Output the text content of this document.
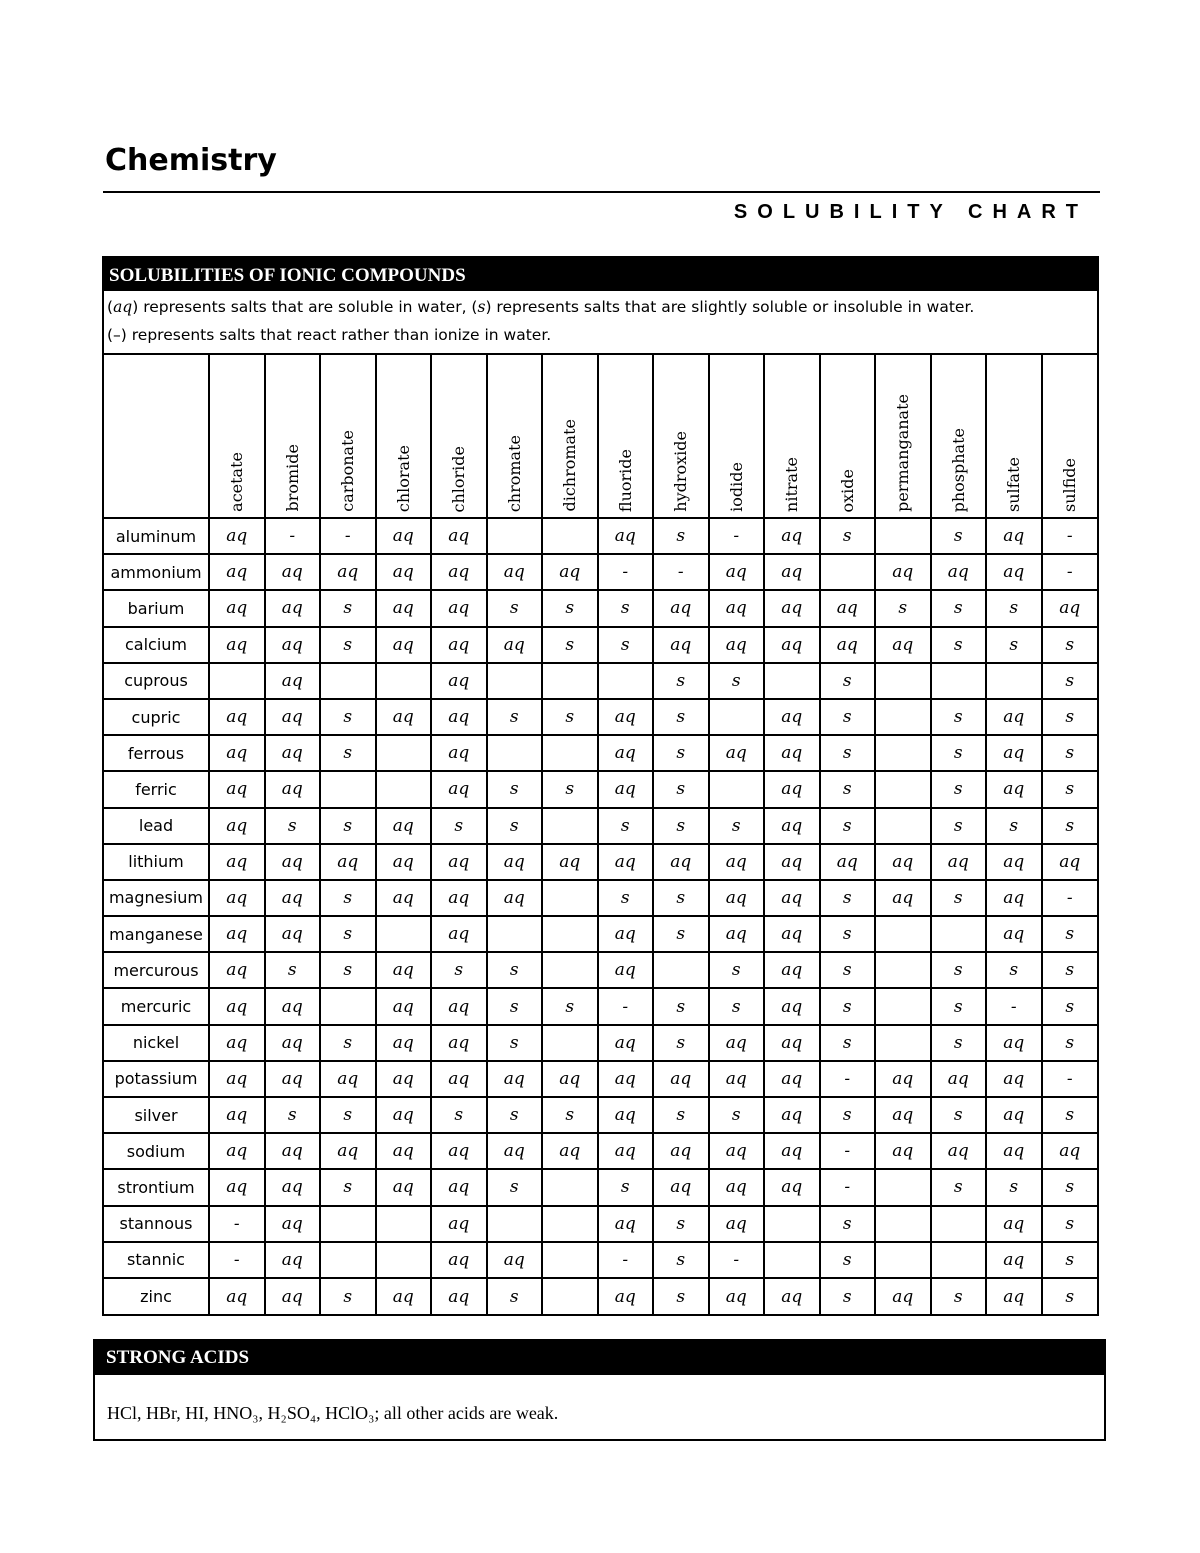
Chemistry
SOLUBILITY CHART
SOLUBILITIES OF IONIC COMPOUNDS
(aq) represents salts that are soluble in water, (s) represents salts that are slightly soluble or insoluble in water.
(–) represents salts that react rather than ionize in water.
	acetate	bromide	carbonate	chlorate	chloride	chromate	dichromate	fluoride	hydroxide	iodide	nitrate	oxide	permanganate	phosphate	sulfate	sulfide
aluminum	aq	-	-	aq	aq			aq	s	-	aq	s		s	aq	-
ammonium	aq	aq	aq	aq	aq	aq	aq	-	-	aq	aq		aq	aq	aq	-
barium	aq	aq	s	aq	aq	s	s	s	aq	aq	aq	aq	s	s	s	aq
calcium	aq	aq	s	aq	aq	aq	s	s	aq	aq	aq	aq	aq	s	s	s
cuprous		aq			aq				s	s		s				s
cupric	aq	aq	s	aq	aq	s	s	aq	s		aq	s		s	aq	s
ferrous	aq	aq	s		aq			aq	s	aq	aq	s		s	aq	s
ferric	aq	aq			aq	s	s	aq	s		aq	s		s	aq	s
lead	aq	s	s	aq	s	s		s	s	s	aq	s		s	s	s
lithium	aq	aq	aq	aq	aq	aq	aq	aq	aq	aq	aq	aq	aq	aq	aq	aq
magnesium	aq	aq	s	aq	aq	aq		s	s	aq	aq	s	aq	s	aq	-
manganese	aq	aq	s		aq			aq	s	aq	aq	s			aq	s
mercurous	aq	s	s	aq	s	s		aq		s	aq	s		s	s	s
mercuric	aq	aq		aq	aq	s	s	-	s	s	aq	s		s	-	s
nickel	aq	aq	s	aq	aq	s		aq	s	aq	aq	s		s	aq	s
potassium	aq	aq	aq	aq	aq	aq	aq	aq	aq	aq	aq	-	aq	aq	aq	-
silver	aq	s	s	aq	s	s	s	aq	s	s	aq	s	aq	s	aq	s
sodium	aq	aq	aq	aq	aq	aq	aq	aq	aq	aq	aq	-	aq	aq	aq	aq
strontium	aq	aq	s	aq	aq	s		s	aq	aq	aq	-		s	s	s
stannous	-	aq			aq			aq	s	aq		s			aq	s
stannic	-	aq			aq	aq		-	s	-		s			aq	s
zinc	aq	aq	s	aq	aq	s		aq	s	aq	aq	s	aq	s	aq	s
STRONG ACIDS
HCl, HBr, HI, HNO₃, H₂SO₄, HClO₃; all other acids are weak.
